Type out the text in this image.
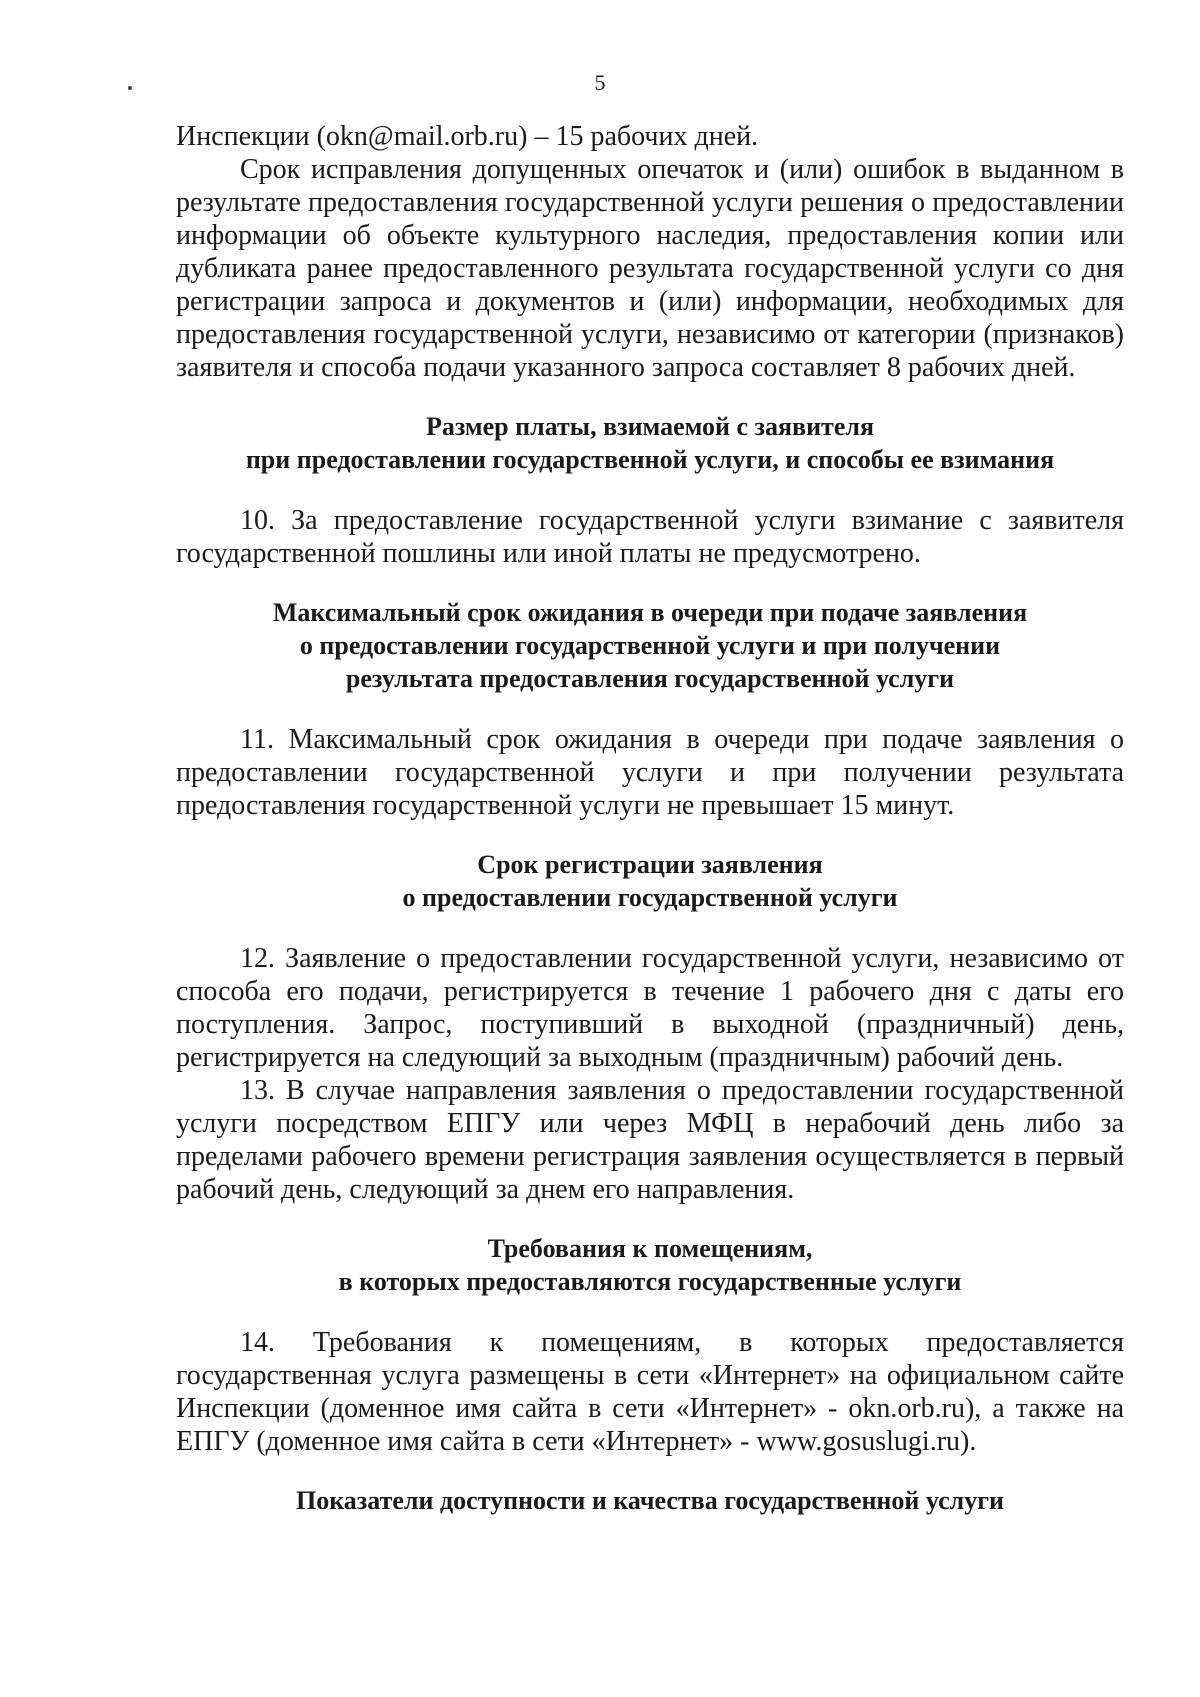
5

Инспекции (okn@mail.orb.ru) – 15 рабочих дней.

Срок исправления допущенных опечаток и (или) ошибок в выданном в результате предоставления государственной услуги решения о предоставлении информации об объекте культурного наследия, предоставления копии или дубликата ранее предоставленного результата государственной услуги со дня регистрации запроса и документов и (или) информации, необходимых для предоставления государственной услуги, независимо от категории (признаков) заявителя и способа подачи указанного запроса составляет 8 рабочих дней.

Размер платы, взимаемой с заявителя
при предоставлении государственной услуги, и способы ее взимания

10. За предоставление государственной услуги взимание с заявителя государственной пошлины или иной платы не предусмотрено.

Максимальный срок ожидания в очереди при подаче заявления
о предоставлении государственной услуги и при получении
результата предоставления государственной услуги

11. Максимальный срок ожидания в очереди при подаче заявления о предоставлении государственной услуги и при получении результата предоставления государственной услуги не превышает 15 минут.

Срок регистрации заявления
о предоставлении государственной услуги

12. Заявление о предоставлении государственной услуги, независимо от способа его подачи, регистрируется в течение 1 рабочего дня с даты его поступления. Запрос, поступивший в выходной (праздничный) день, регистрируется на следующий за выходным (праздничным) рабочий день.

13. В случае направления заявления о предоставлении государственной услуги посредством ЕПГУ или через МФЦ в нерабочий день либо за пределами рабочего времени регистрация заявления осуществляется в первый рабочий день, следующий за днем его направления.

Требования к помещениям,
в которых предоставляются государственные услуги

14. Требования к помещениям, в которых предоставляется государственная услуга размещены в сети «Интернет» на официальном сайте Инспекции (доменное имя сайта в сети «Интернет» - okn.orb.ru), а также на ЕПГУ (доменное имя сайта в сети «Интернет» - www.gosuslugi.ru).

Показатели доступности и качества государственной услуги
